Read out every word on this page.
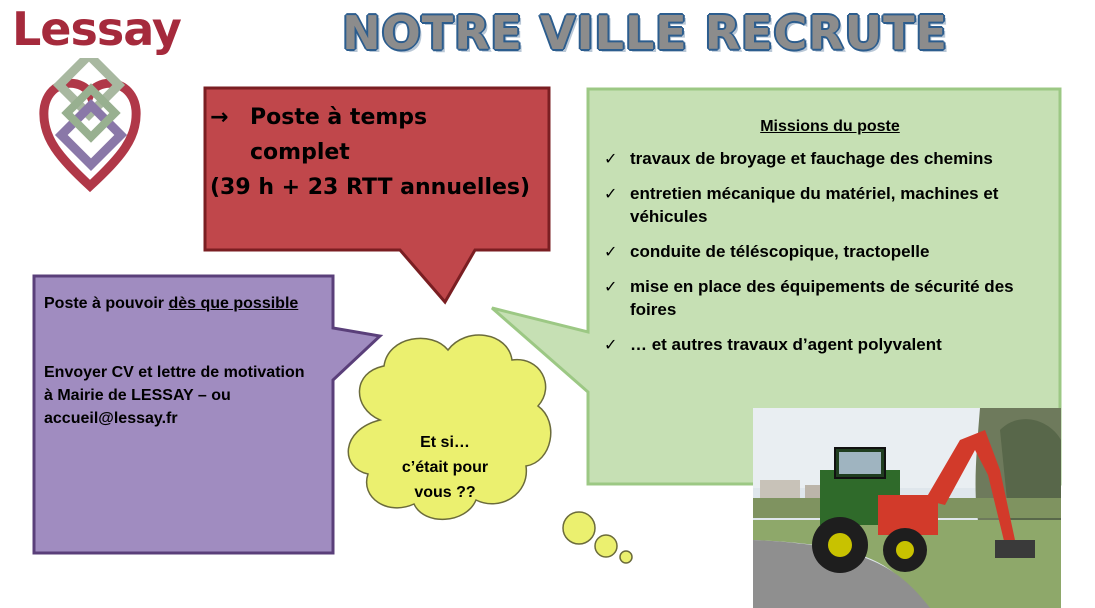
Lessay	NOTRE VILLE RECRUTE
→ Poste à temps
complet
(39 h + 23 RTT annuelles)
Missions du poste
✓ travaux de broyage et fauchage des chemins
✓ entretien mécanique du matériel, machines et véhicules
✓ conduite de téléscopique, tractopelle
✓ mise en place des équipements de sécurité des foires
✓ … et autres travaux d’agent polyvalent
Poste à pouvoir dès que possible
Envoyer CV et lettre de motivation à Mairie de LESSAY – ou accueil@lessay.fr
Et si…
c’était pour
vous ??
